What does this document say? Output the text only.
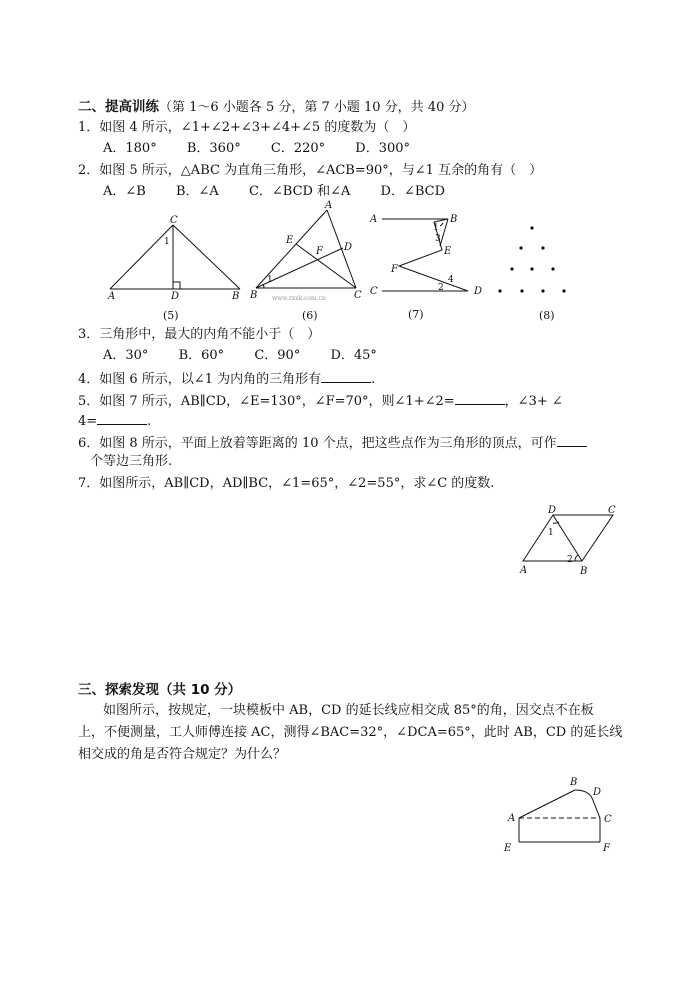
二、提高训练（第 1～6 小题各 5 分，第 7 小题 10 分，共 40 分）
1．如图 4 所示，∠1+∠2+∠3+∠4+∠5 的度数为（　）
A．180° B．360° C．220° D．300°
2．如图 5 所示，△ABC 为直角三角形，∠ACB=90°，与∠1 互余的角有（　）
A．∠B B．∠A C．∠BCD 和∠A D．∠BCD
C
1
A	D	B
(5)
A
E
F D
1
B	C
www.zxxk.com.cn
(6)
A	B
1
3
E
F
4
2
C	D
(7)	(8)
3．三角形中，最大的内角不能小于（　）
A．30° B．60° C．90° D．45°
4．如图 6 所示，以∠1 为内角的三角形有	.
5．如图 7 所示，AB∥CD，∠E=130°，∠F=70°，则∠1+∠2=	，∠3+ ∠
4=	.
6．如图 8 所示，平面上放着等距离的 10 个点，把这些点作为三角形的顶点，可作
个等边三角形.
7．如图所示，AB∥CD，AD∥BC，∠1=65°，∠2=55°，求∠C 的度数.
D	C
1
2
A	B
三、探索发现（共 10 分）
如图所示，按规定，一块模板中 AB，CD 的延长线应相交成 85°的角，因交点不在板
上，不便测量，工人师傅连接 AC，测得∠BAC=32°，∠DCA=65°，此时 AB，CD 的延长线
相交成的角是否符合规定？为什么？
B
D
A	C
E	F
